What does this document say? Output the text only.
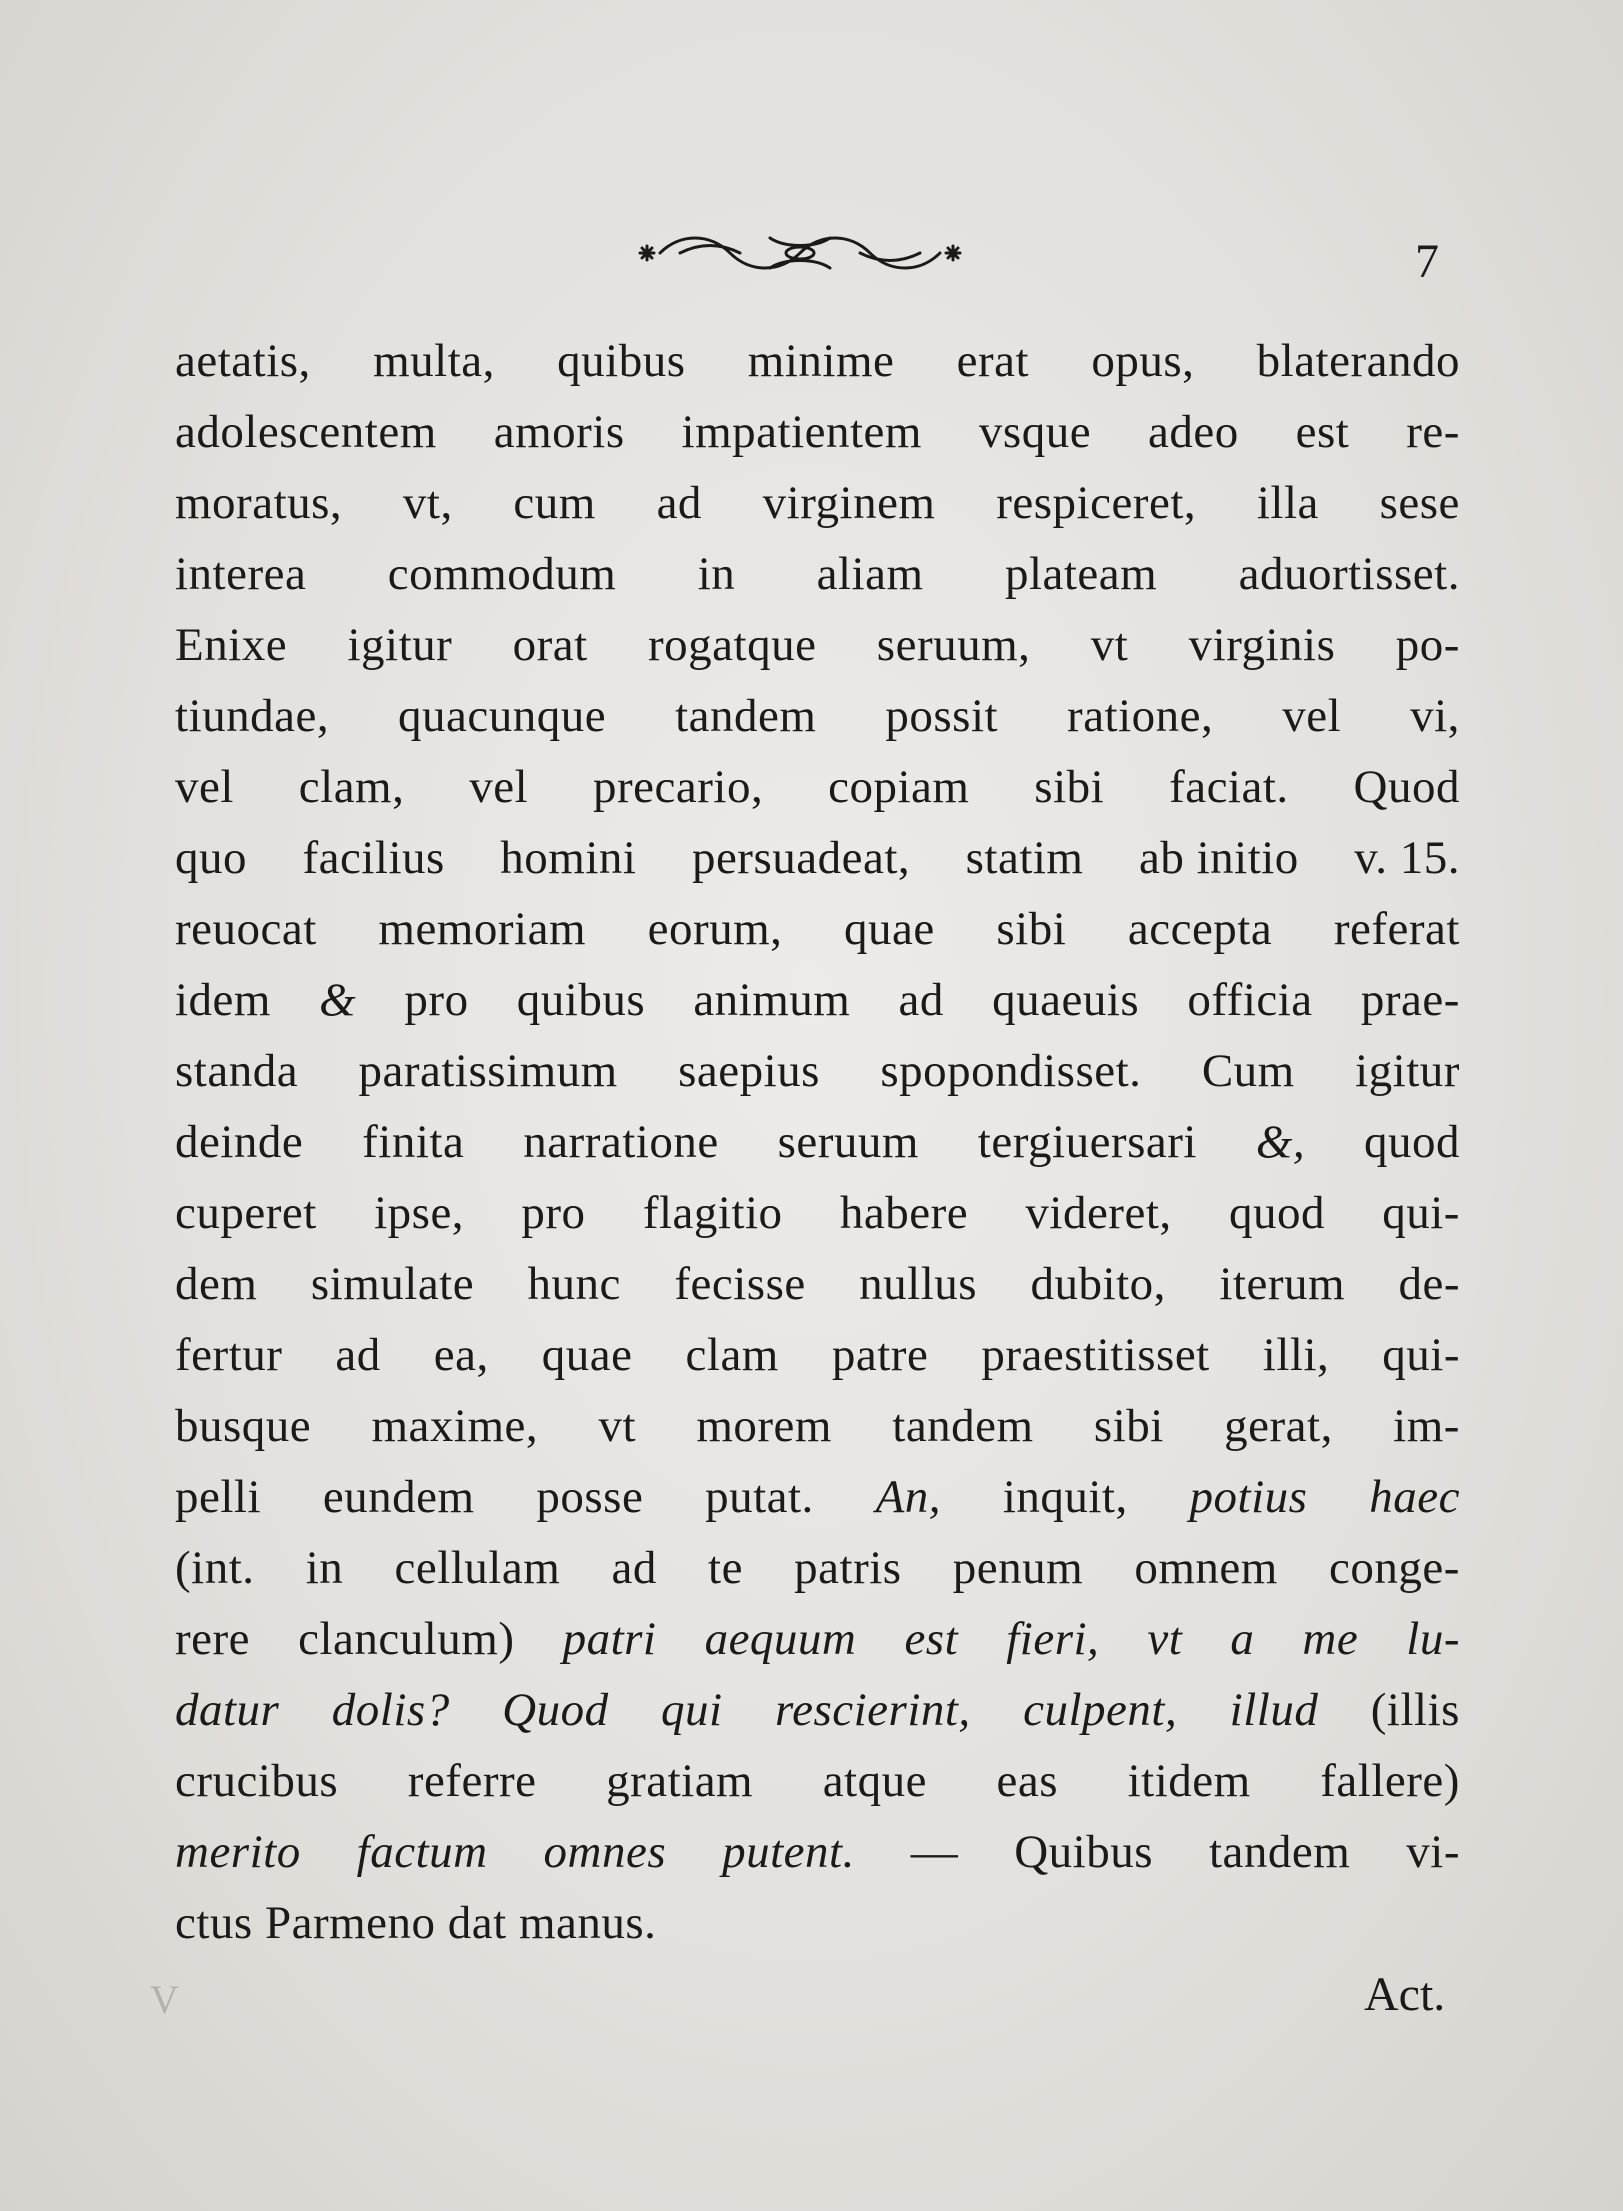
7
aetatis, multa, quibus minime erat opus, blaterando
adolescentem amoris impatientem vsque adeo est re-
moratus, vt, cum ad virginem respiceret, illa sese
interea commodum in aliam plateam aduortisset.
Enixe igitur orat rogatque seruum, vt virginis po-
tiundae, quacunque tandem possit ratione, vel vi,
vel clam, vel precario, copiam sibi faciat. Quod
quo facilius homini persuadeat, statim ab initio v. 15.
reuocat memoriam eorum, quae sibi accepta referat
idem & pro quibus animum ad quaeuis officia prae-
standa paratissimum saepius spopondisset. Cum igitur
deinde finita narratione seruum tergiuersari &, quod
cuperet ipse, pro flagitio habere videret, quod qui-
dem simulate hunc fecisse nullus dubito, iterum de-
fertur ad ea, quae clam patre praestitisset illi, qui-
busque maxime, vt morem tandem sibi gerat, im-
pelli eundem posse putat. An, inquit, potius haec
(int. in cellulam ad te patris penum omnem conge-
rere clanculum) patri aequum est fieri, vt a me lu-
datur dolis? Quod qui rescierint, culpent, illud (illis
crucibus referre gratiam atque eas itidem fallere)
merito factum omnes putent. — Quibus tandem vi-
ctus
Parmeno
dat
manus.
V	Act.
